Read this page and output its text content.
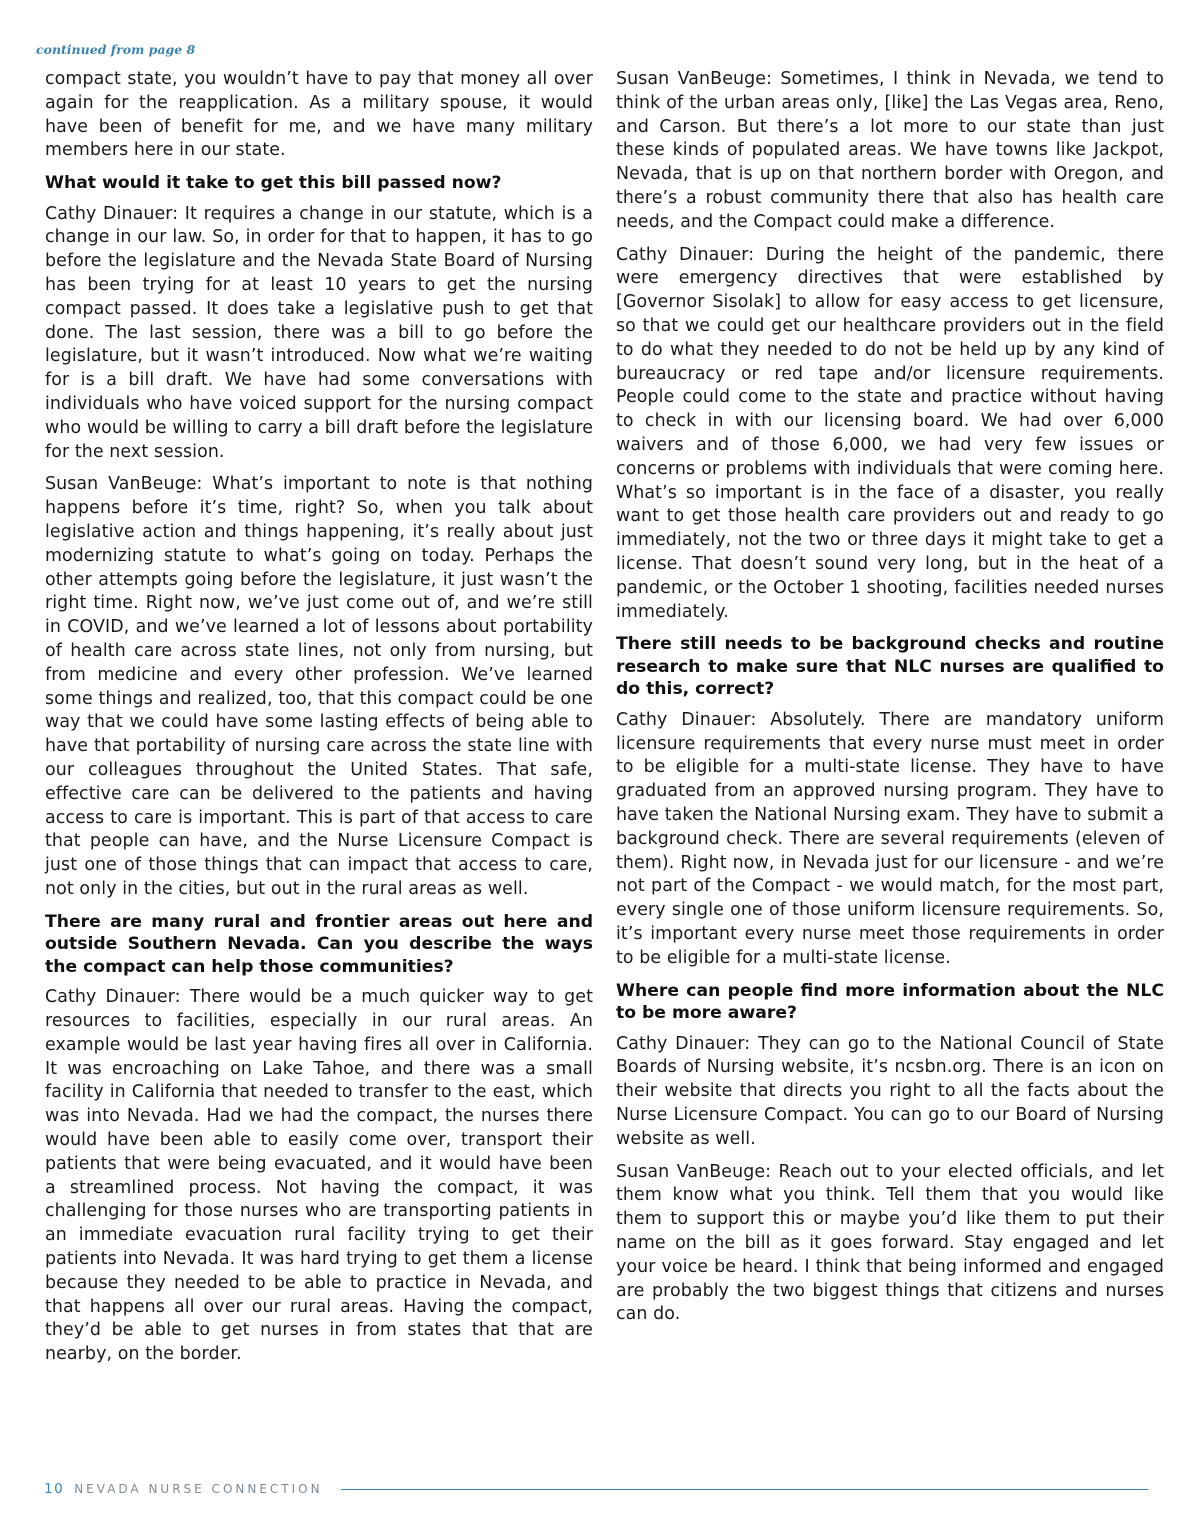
continued from page 8

compact state, you wouldn’t have to pay that money all over again for the reapplication. As a military spouse, it would have been of benefit for me, and we have many military members here in our state.

What would it take to get this bill passed now?

Cathy Dinauer: It requires a change in our statute, which is a change in our law. So, in order for that to happen, it has to go before the legislature and the Nevada State Board of Nursing has been trying for at least 10 years to get the nursing compact passed. It does take a legislative push to get that done. The last session, there was a bill to go before the legislature, but it wasn’t introduced. Now what we’re waiting for is a bill draft. We have had some conversations with individuals who have voiced support for the nursing compact who would be willing to carry a bill draft before the legislature for the next session.

Susan VanBeuge: What’s important to note is that nothing happens before it’s time, right? So, when you talk about legislative action and things happening, it’s really about just modernizing statute to what’s going on today. Perhaps the other attempts going before the legislature, it just wasn’t the right time. Right now, we’ve just come out of, and we’re still in COVID, and we’ve learned a lot of lessons about portability of health care across state lines, not only from nursing, but from medicine and every other profession. We’ve learned some things and realized, too, that this compact could be one way that we could have some lasting effects of being able to have that portability of nursing care across the state line with our colleagues throughout the United States. That safe, effective care can be delivered to the patients and having access to care is important. This is part of that access to care that people can have, and the Nurse Licensure Compact is just one of those things that can impact that access to care, not only in the cities, but out in the rural areas as well.

There are many rural and frontier areas out here and outside Southern Nevada. Can you describe the ways the compact can help those communities?

Cathy Dinauer: There would be a much quicker way to get resources to facilities, especially in our rural areas. An example would be last year having fires all over in California. It was encroaching on Lake Tahoe, and there was a small facility in California that needed to transfer to the east, which was into Nevada. Had we had the compact, the nurses there would have been able to easily come over, transport their patients that were being evacuated, and it would have been a streamlined process. Not having the compact, it was challenging for those nurses who are transporting patients in an immediate evacuation rural facility trying to get their patients into Nevada. It was hard trying to get them a license because they needed to be able to practice in Nevada, and that happens all over our rural areas. Having the compact, they’d be able to get nurses in from states that that are nearby, on the border.

Susan VanBeuge: Sometimes, I think in Nevada, we tend to think of the urban areas only, [like] the Las Vegas area, Reno, and Carson. But there’s a lot more to our state than just these kinds of populated areas. We have towns like Jackpot, Nevada, that is up on that northern border with Oregon, and there’s a robust community there that also has health care needs, and the Compact could make a difference.

Cathy Dinauer: During the height of the pandemic, there were emergency directives that were established by [Governor Sisolak] to allow for easy access to get licensure, so that we could get our healthcare providers out in the field to do what they needed to do not be held up by any kind of bureaucracy or red tape and/or licensure requirements. People could come to the state and practice without having to check in with our licensing board. We had over 6,000 waivers and of those 6,000, we had very few issues or concerns or problems with individuals that were coming here. What’s so important is in the face of a disaster, you really want to get those health care providers out and ready to go immediately, not the two or three days it might take to get a license. That doesn’t sound very long, but in the heat of a pandemic, or the October 1 shooting, facilities needed nurses immediately.

There still needs to be background checks and routine research to make sure that NLC nurses are qualified to do this, correct?

Cathy Dinauer: Absolutely. There are mandatory uniform licensure requirements that every nurse must meet in order to be eligible for a multi-state license. They have to have graduated from an approved nursing program. They have to have taken the National Nursing exam. They have to submit a background check. There are several requirements (eleven of them). Right now, in Nevada just for our licensure - and we’re not part of the Compact - we would match, for the most part, every single one of those uniform licensure requirements. So, it’s important every nurse meet those requirements in order to be eligible for a multi-state license.

Where can people find more information about the NLC to be more aware?

Cathy Dinauer: They can go to the National Council of State Boards of Nursing website, it’s ncsbn.org. There is an icon on their website that directs you right to all the facts about the Nurse Licensure Compact. You can go to our Board of Nursing website as well.

Susan VanBeuge: Reach out to your elected officials, and let them know what you think. Tell them that you would like them to support this or maybe you’d like them to put their name on the bill as it goes forward. Stay engaged and let your voice be heard. I think that being informed and engaged are probably the two biggest things that citizens and nurses can do.

10 NEVADA NURSE CONNECTION
